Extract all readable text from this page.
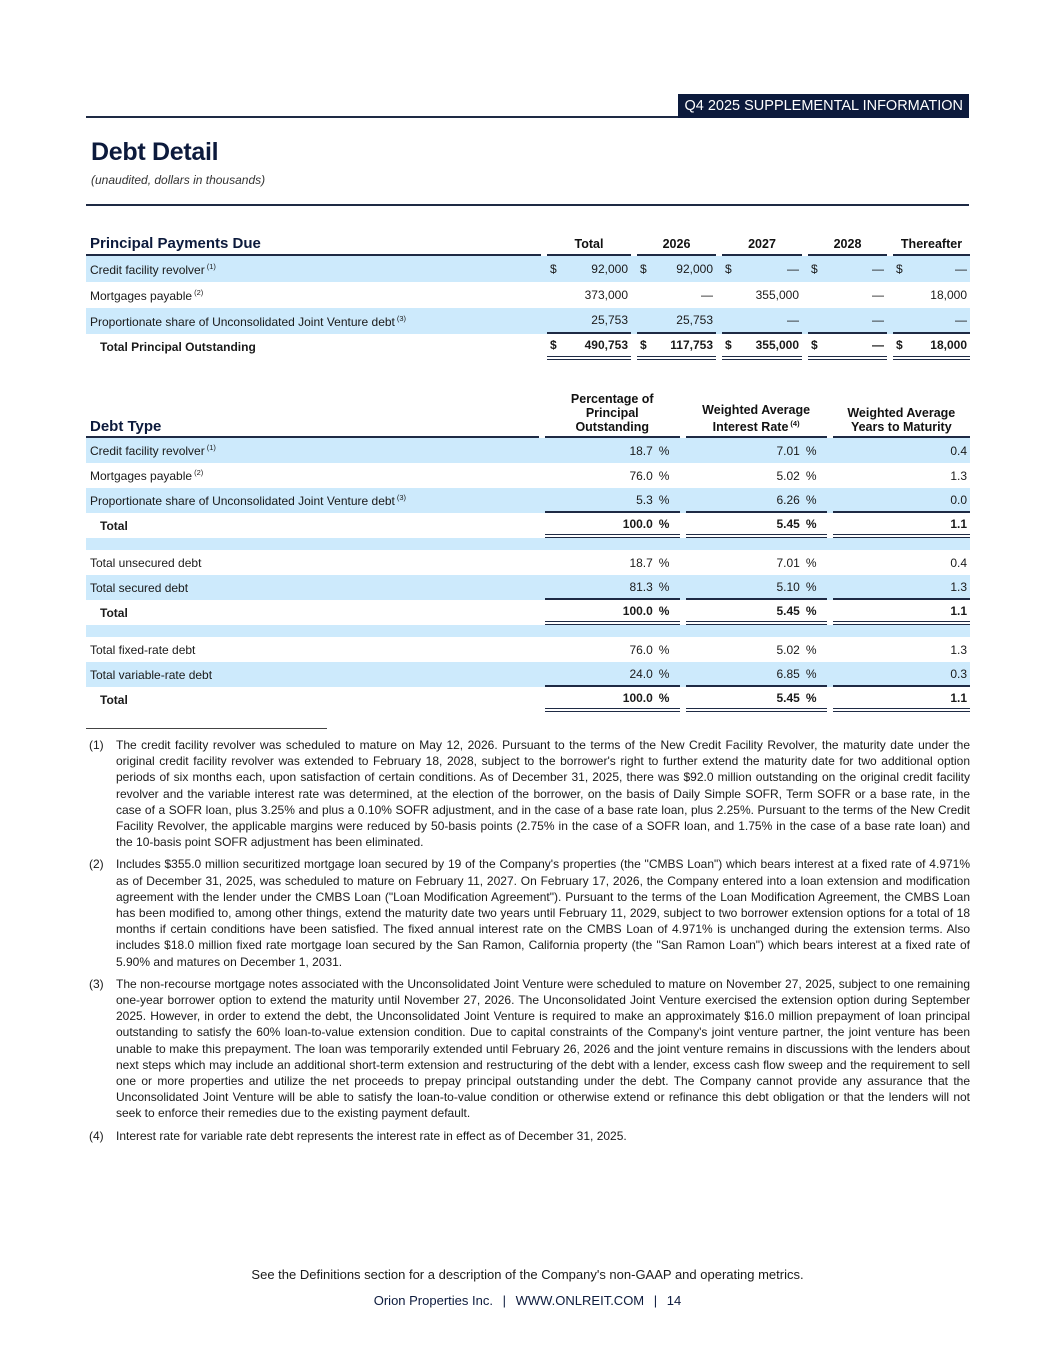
Q4 2025 SUPPLEMENTAL INFORMATION
Debt Detail
(unaudited, dollars in thousands)
Principal Payments Due		Total			2026			2027			2028			Thereafter	
Credit facility revolver $^{(1)}$		$	92,000		$	92,000		$	—		$	—		$	—
Mortgages payable $^{(2)}$			373,000			—			355,000			—			18,000
Proportionate share of Unconsolidated Joint Venture debt $^{(3)}$			25,753			25,753			—			—			—
Total Principal Outstanding		$	490,753		$	117,753		$	355,000		$	—		$	18,000
Debt Type		
Percentage of
Principal
Outstanding

Weighted Average
Interest Rate $^{(4)}$

Weighted Average
Years to Maturity

Credit facility revolver $^{(1)}$		18.7	%		7.01	%		0.4
Mortgages payable $^{(2)}$		76.0	%		5.02	%		1.3
Proportionate share of Unconsolidated Joint Venture debt $^{(3)}$		5.3	%		6.26	%		0.0
Total		100.0	%		5.45	%		1.1

Total unsecured debt		18.7	%		7.01	%		0.4
Total secured debt		81.3	%		5.10	%		1.3
Total		100.0	%		5.45	%		1.1

Total fixed-rate debt		76.0	%		5.02	%		1.3
Total variable-rate debt		24.0	%		6.85	%		0.3
Total		100.0	%		5.45	%		1.1
(1)	The credit facility revolver was scheduled to mature on May 12, 2026. Pursuant to the terms of the New Credit Facility Revolver, the maturity date under the original credit facility revolver was extended to February 18, 2028, subject to the borrower's right to further extend the maturity date for two additional option periods of six months each, upon satisfaction of certain conditions. As of December 31, 2025, there was $92.0 million outstanding on the original credit facility revolver and the variable interest rate was determined, at the election of the borrower, on the basis of Daily Simple SOFR, Term SOFR or a base rate, in the case of a SOFR loan, plus 3.25% and plus a 0.10% SOFR adjustment, and in the case of a base rate loan, plus 2.25%. Pursuant to the terms of the New Credit Facility Revolver, the applicable margins were reduced by 50-basis points (2.75% in the case of a SOFR loan, and 1.75% in the case of a base rate loan) and the 10-basis point SOFR adjustment has been eliminated.
(2)	Includes $355.0 million securitized mortgage loan secured by 19 of the Company's properties (the "CMBS Loan") which bears interest at a fixed rate of 4.971% as of December 31, 2025, was scheduled to mature on February 11, 2027. On February 17, 2026, the Company entered into a loan extension and modification agreement with the lender under the CMBS Loan ("Loan Modification Agreement"). Pursuant to the terms of the Loan Modification Agreement, the CMBS Loan has been modified to, among other things, extend the maturity date two years until February 11, 2029, subject to two borrower extension options for a total of 18 months if certain conditions have been satisfied. The fixed annual interest rate on the CMBS Loan of 4.971% is unchanged during the extension terms. Also includes $18.0 million fixed rate mortgage loan secured by the San Ramon, California property (the "San Ramon Loan") which bears interest at a fixed rate of 5.90% and matures on December 1, 2031.
(3)	The non-recourse mortgage notes associated with the Unconsolidated Joint Venture were scheduled to mature on November 27, 2025, subject to one remaining one-year borrower option to extend the maturity until November 27, 2026. The Unconsolidated Joint Venture exercised the extension option during September 2025. However, in order to extend the debt, the Unconsolidated Joint Venture is required to make an approximately $16.0 million prepayment of loan principal outstanding to satisfy the 60% loan-to-value extension condition. Due to capital constraints of the Company's joint venture partner, the joint venture has been unable to make this prepayment. The loan was temporarily extended until February 26, 2026 and the joint venture remains in discussions with the lenders about next steps which may include an additional short-term extension and restructuring of the debt with a lender, excess cash flow sweep and the requirement to sell one or more properties and utilize the net proceeds to prepay principal outstanding under the debt. The Company cannot provide any assurance that the Unconsolidated Joint Venture will be able to satisfy the loan-to-value condition or otherwise extend or refinance this debt obligation or that the lenders will not seek to enforce their remedies due to the existing payment default.
(4)	Interest rate for variable rate debt represents the interest rate in effect as of December 31, 2025.
See the Definitions section for a description of the Company's non-GAAP and operating metrics.
Orion Properties Inc. | WWW.ONLREIT.COM | 14
